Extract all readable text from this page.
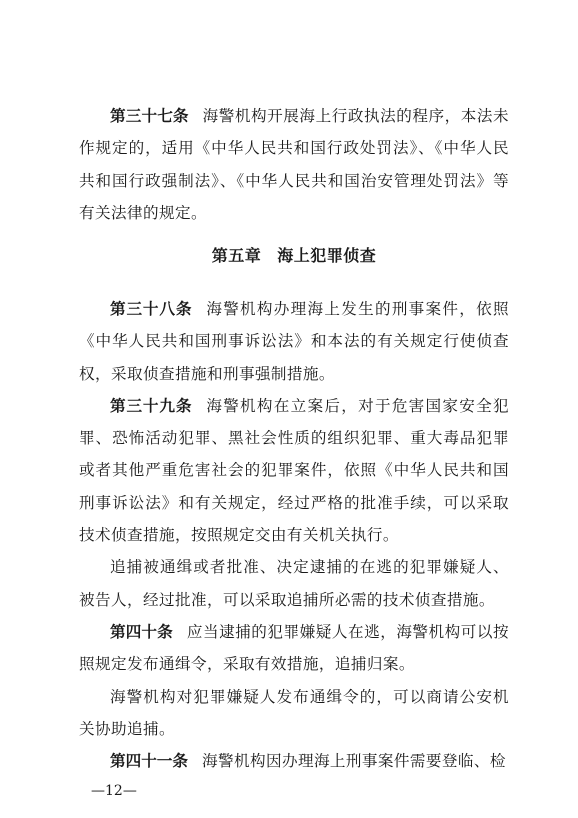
第三十七条 海警机构开展海上行政执法的程序，本法未作规定的，适用《中华人民共和国行政处罚法》、《中华人民共和国行政强制法》、《中华人民共和国治安管理处罚法》等有关法律的规定。

第五章 海上犯罪侦查

第三十八条 海警机构办理海上发生的刑事案件，依照《中华人民共和国刑事诉讼法》和本法的有关规定行使侦查权，采取侦查措施和刑事强制措施。

第三十九条 海警机构在立案后，对于危害国家安全犯罪、恐怖活动犯罪、黑社会性质的组织犯罪、重大毒品犯罪或者其他严重危害社会的犯罪案件，依照《中华人民共和国刑事诉讼法》和有关规定，经过严格的批准手续，可以采取技术侦查措施，按照规定交由有关机关执行。

追捕被通缉或者批准、决定逮捕的在逃的犯罪嫌疑人、被告人，经过批准，可以采取追捕所必需的技术侦查措施。

第四十条 应当逮捕的犯罪嫌疑人在逃，海警机构可以按照规定发布通缉令，采取有效措施，追捕归案。

海警机构对犯罪嫌疑人发布通缉令的，可以商请公安机关协助追捕。

第四十一条 海警机构因办理海上刑事案件需要登临、检

—12—
